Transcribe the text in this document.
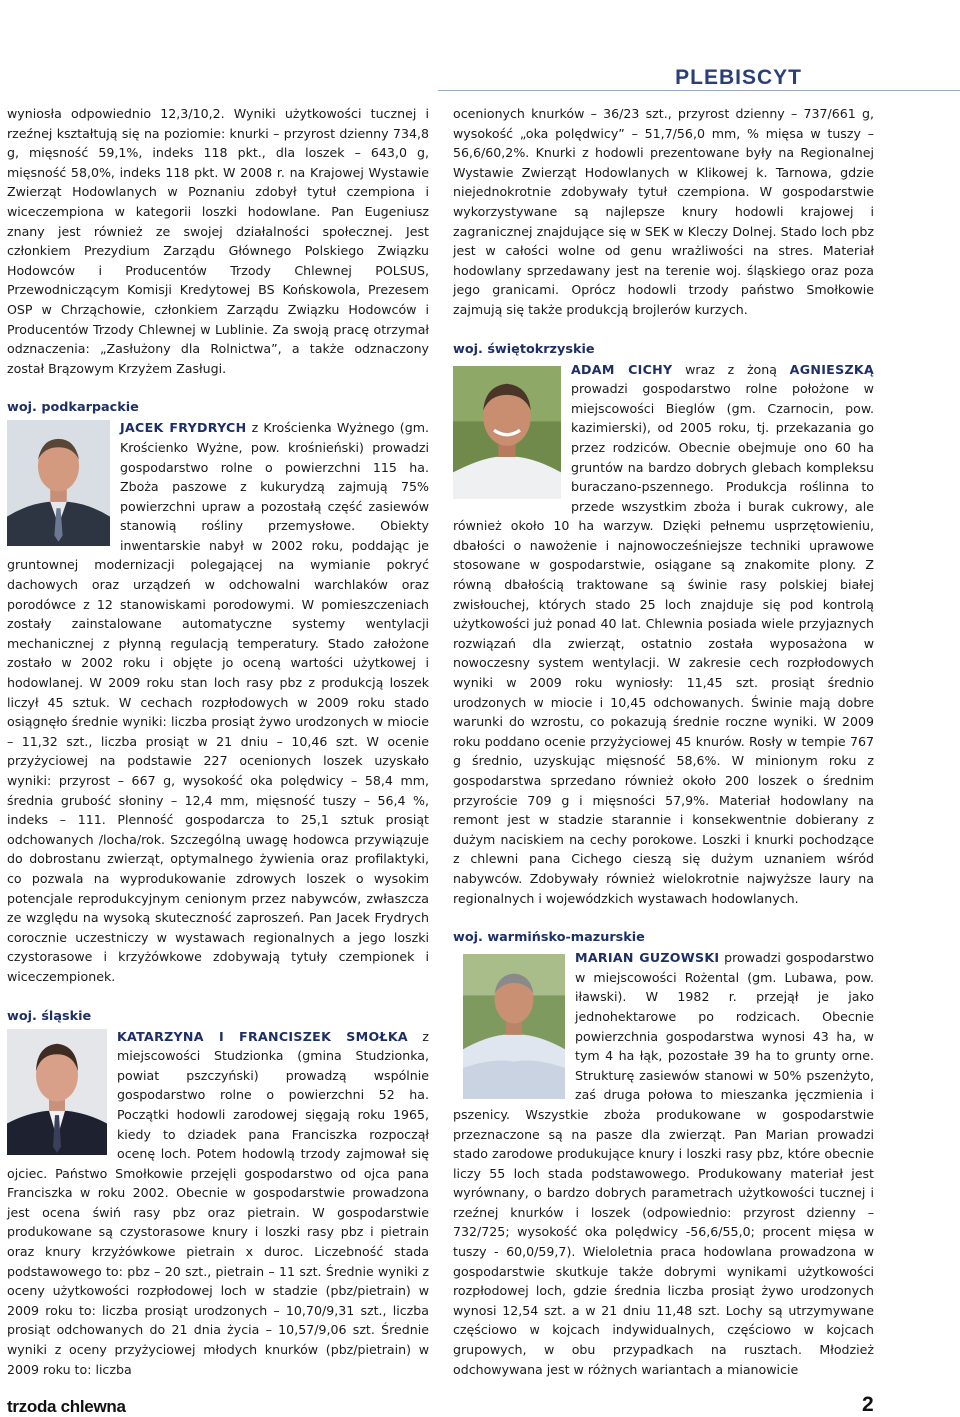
PLEBISCYT

wyniosła odpowiednio 12,3/10,2. Wyniki użytkowości tucznej i rzeźnej kształtują się na poziomie: knurki – przyrost dzienny 734,8 g, mięsność 59,1%, indeks 118 pkt., dla loszek – 643,0 g, mięsność 58,0%, indeks 118 pkt. W 2008 r. na Krajowej Wystawie Zwierząt Hodowlanych w Poznaniu zdobył tytuł czempiona i wiceczempiona w kategorii loszki hodowlane. Pan Eugeniusz znany jest również ze swojej działalności społecznej. Jest członkiem Prezydium Zarządu Głównego Polskiego Związku Hodowców i Producentów Trzody Chlewnej POLSUS, Przewodniczącym Komisji Kredytowej BS Końskowola, Prezesem OSP w Chrząchowie, członkiem Zarządu Związku Hodowców i Producentów Trzody Chlewnej w Lublinie. Za swoją pracę otrzymał odznaczenia: „Zasłużony dla Rolnictwa”, a także odznaczony został Brązowym Krzyżem Zasługi.

woj. podkarpackie

JACEK FRYDRYCH
z Krościenka Wyżnego (gm. Krościenko Wyżne, pow. krośnieński) prowadzi gospodarstwo rolne o powierzchni 115 ha. Zboża paszowe z kukurydzą zajmują 75% powierzchni upraw a pozostałą część zasiewów stanowią rośliny przemysłowe. Obiekty inwentarskie nabył w 2002 roku, poddając je gruntownej modernizacji polegającej na wymianie pokryć dachowych oraz urządzeń w odchowalni warchlaków oraz porodówce z 12 stanowiskami porodowymi. W pomieszczeniach zostały zainstalowane automatyczne systemy wentylacji mechanicznej z płynną regulacją temperatury. Stado założone zostało w 2002 roku i objęte jo oceną wartości użytkowej i hodowlanej. W 2009 roku stan loch rasy pbz z produkcją loszek liczył 45 sztuk. W cechach rozpłodowych w 2009 roku stado osiągnęło średnie wyniki: liczba prosiąt żywo urodzonych w miocie – 11,32 szt., liczba prosiąt w 21 dniu – 10,46 szt. W ocenie przyżyciowej na podstawie 227 ocenionych loszek uzyskało wyniki: przyrost – 667 g, wysokość oka polędwicy – 58,4 mm, średnia grubość słoniny – 12,4 mm, mięsność tuszy – 56,4 %, indeks – 111. Plenność gospodarcza to 25,1 sztuk prosiąt odchowanych /locha/rok. Szczególną uwagę hodowca przywiązuje do dobrostanu zwierząt, optymalnego żywienia oraz profilaktyki, co pozwala na wyprodukowanie zdrowych loszek o wysokim potencjale reprodukcyjnym cenionym przez nabywców, zwłaszcza ze względu na wysoką skuteczność zaproszeń. Pan Jacek Frydrych corocznie uczestniczy w wystawach regionalnych a jego loszki czystorasowe i krzyżówkowe zdobywają tytuły czempionek i wiceczempionek.

woj. śląskie

KATARZYNA I FRANCISZEK SMOŁKA
z miejscowości Studzionka (gmina Studzionka, powiat pszczyński) prowadzą wspólnie gospodarstwo rolne o powierzchni 52 ha. Początki hodowli zarodowej sięgają roku 1965, kiedy to dziadek pana Franciszka rozpoczął ocenę loch. Potem hodowlą trzody zajmował się ojciec. Państwo Smołkowie przejęli gospodarstwo od ojca pana Franciszka w roku 2002. Obecnie w gospodarstwie prowadzona jest ocena świń rasy pbz oraz pietrain. W gospodarstwie produkowane są czystorasowe knury i loszki rasy pbz i pietrain oraz knury krzyżówkowe pietrain x duroc. Liczebność stada podstawowego to: pbz – 20 szt., pietrain – 11 szt. Średnie wyniki z oceny użytkowości rozpłodowej loch w stadzie (pbz/pietrain) w 2009 roku to: liczba prosiąt urodzonych – 10,70/9,31 szt., liczba prosiąt odchowanych do 21 dnia życia – 10,57/9,06 szt. Średnie wyniki z oceny przyżyciowej młodych knurków (pbz/pietrain) w 2009 roku to: liczba

ocenionych knurków – 36/23 szt., przyrost dzienny – 737/661 g, wysokość „oka polędwicy” – 51,7/56,0 mm, % mięsa w tuszy – 56,6/60,2%. Knurki z hodowli prezentowane były na Regionalnej Wystawie Zwierząt Hodowlanych w Klikowej k. Tarnowa, gdzie niejednokrotnie zdobywały tytuł czempiona. W gospodarstwie wykorzystywane są najlepsze knury hodowli krajowej i zagranicznej znajdujące się w SEK w Kleczy Dolnej. Stado loch pbz jest w całości wolne od genu wrażliwości na stres. Materiał hodowlany sprzedawany jest na terenie woj. śląskiego oraz poza jego granicami. Oprócz hodowli trzody państwo Smołkowie zajmują się także produkcją brojlerów kurzych.

woj. świętokrzyskie

ADAM CICHY wraz z żoną AGNIESZKĄ
prowadzi gospodarstwo rolne położone w miejscowości Bieglów (gm. Czarnocin, pow. kazimierski), od 2005 roku, tj. przekazania go przez rodziców. Obecnie obejmuje ono 60 ha gruntów na bardzo dobrych glebach kompleksu buraczano-pszennego. Produkcja roślinna to przede wszystkim zboża i burak cukrowy, ale również około 10 ha warzyw. Dzięki pełnemu usprzętowieniu, dbałości o nawożenie i najnowocześniejsze techniki uprawowe stosowane w gospodarstwie, osiągane są znakomite plony. Z równą dbałością traktowane są świnie rasy polskiej białej zwisłouchej, których stado 25 loch znajduje się pod kontrolą użytkowości już ponad 40 lat. Chlewnia posiada wiele przyjaznych rozwiązań dla zwierząt, ostatnio została wyposażona w nowoczesny system wentylacji. W zakresie cech rozpłodowych wyniki w 2009 roku wyniosły: 11,45 szt. prosiąt średnio urodzonych w miocie i 10,45 odchowanych. Świnie mają dobre warunki do wzrostu, co pokazują średnie roczne wyniki. W 2009 roku poddano ocenie przyżyciowej 45 knurów. Rosły w tempie 767 g średnio, uzyskując mięsność 58,6%. W minionym roku z gospodarstwa sprzedano również około 200 loszek o średnim przyroście 709 g i mięsności 57,9%. Materiał hodowlany na remont jest w stadzie starannie i konsekwentnie dobierany z dużym naciskiem na cechy porokowe. Loszki i knurki pochodzące z chlewni pana Cichego cieszą się dużym uznaniem wśród nabywców. Zdobywały również wielokrotnie najwyższe laury na regionalnych i wojewódzkich wystawach hodowlanych.

woj. warmińsko-mazurskie

MARIAN GUZOWSKI
prowadzi gospodarstwo w miejscowości Rożental (gm. Lubawa, pow. iławski). W 1982 r. przejął je jako jednohektarowe po rodzicach. Obecnie powierzchnia gospodarstwa wynosi 43 ha, w tym 4 ha łąk, pozostałe 39 ha to grunty orne. Strukturę zasiewów stanowi w 50% pszenżyto, zaś druga połowa to mieszanka jęczmienia i pszenicy. Wszystkie zboża produkowane w gospodarstwie przeznaczone są na pasze dla zwierząt. Pan Marian prowadzi stado zarodowe produkujące knury i loszki rasy pbz, które obecnie liczy 55 loch stada podstawowego. Produkowany materiał jest wyrównany, o bardzo dobrych parametrach użytkowości tucznej i rzeźnej knurków i loszek (odpowiednio: przyrost dzienny – 732/725; wysokość oka polędwicy -56,6/55,0; procent mięsa w tuszy - 60,0/59,7). Wieloletnia praca hodowlana prowadzona w gospodarstwie skutkuje także dobrymi wynikami użytkowości rozpłodowej loch, gdzie średnia liczba prosiąt żywo urodzonych wynosi 12,54 szt. a w 21 dniu 11,48 szt. Lochy są utrzymywane częściowo w kojcach indywidualnych, częściowo w kojcach grupowych, w obu przypadkach na rusztach. Młodzież odchowywana jest w różnych wariantach a mianowicie

trzoda chlewna	2
